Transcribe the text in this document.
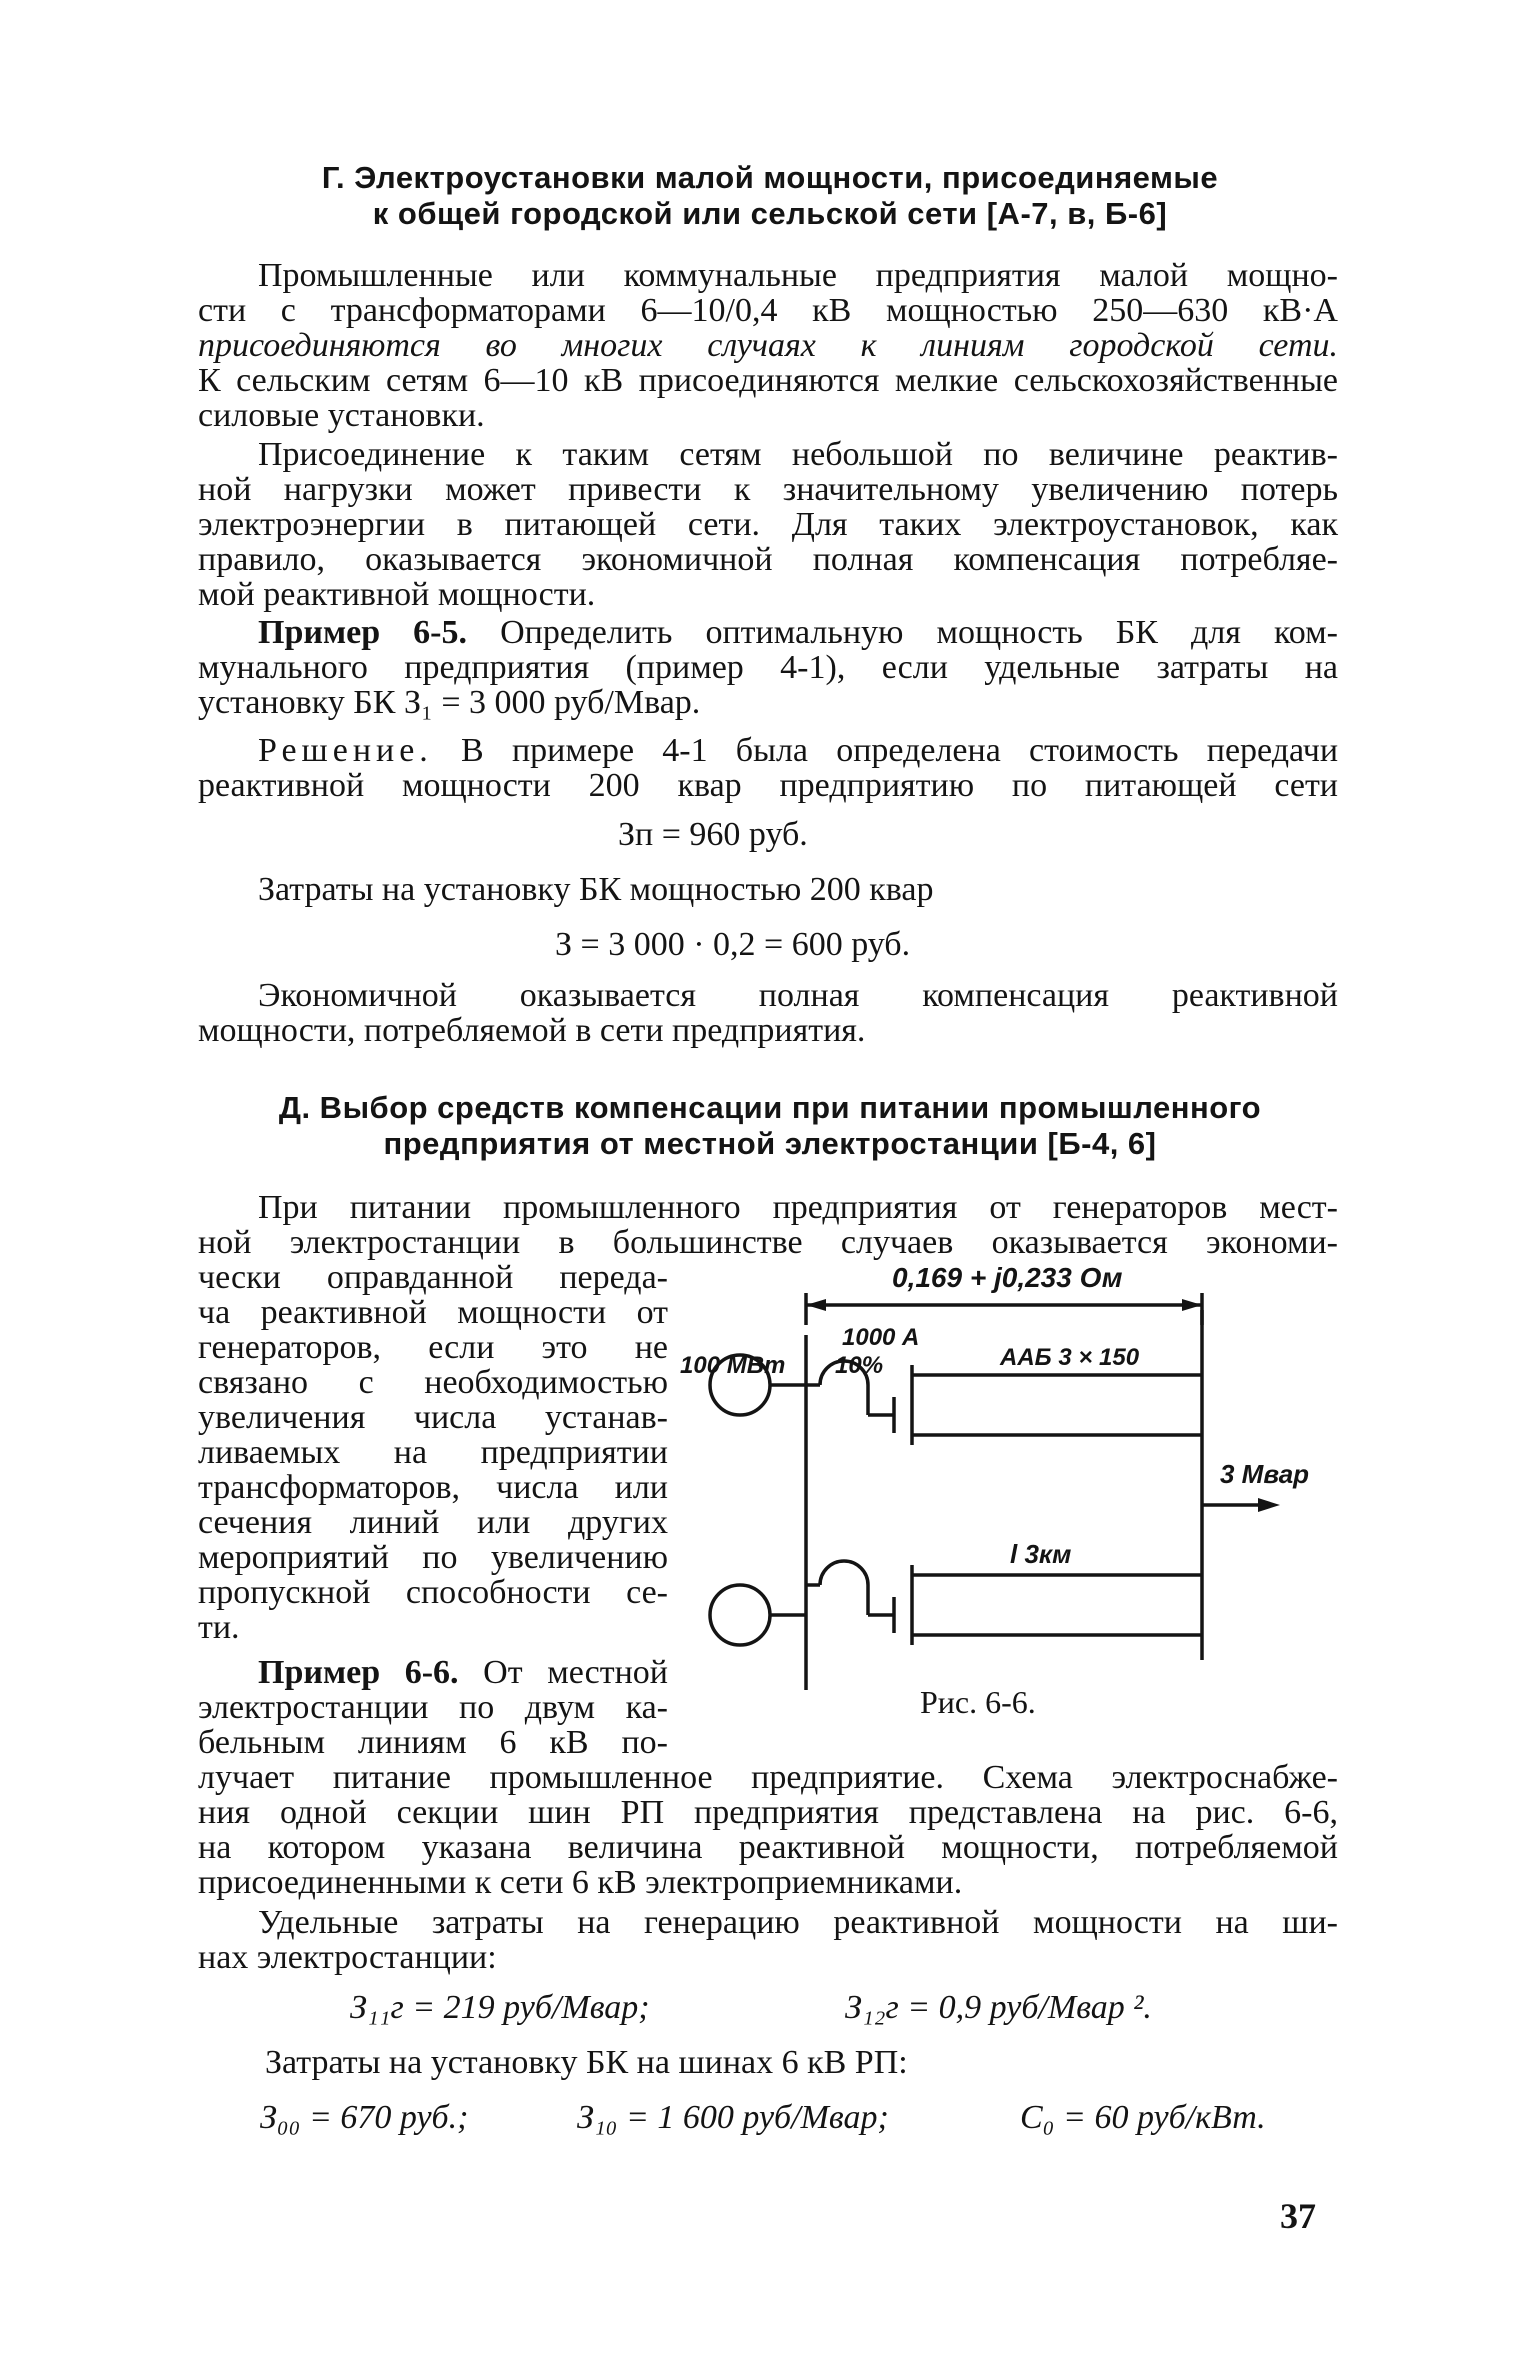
Г. Электроустановки малой мощности, присоединяемые
к общей городской или сельской сети [А-7, в, Б-6]
Промышленные или коммунальные предприятия малой мощно-
сти с трансформаторами 6—10/0,4 кВ мощностью 250—630 кВ·А
присоединяются во многих случаях к линиям городской сети.
К сельским сетям 6—10 кВ присоединяются мелкие сельскохозяйственные
силовые установки.
Присоединение к таким сетям небольшой по величине реактив-
ной нагрузки может привести к значительному увеличению потерь
электроэнергии в питающей сети. Для таких электроустановок, как
правило, оказывается экономичной полная компенсация потребляе-
мой реактивной мощности.
Пример 6-5. Определить оптимальную мощность БК для ком-
мунального предприятия (пример 4-1), если удельные затраты на
установку БК З₁ = 3 000 руб/Мвар.
Решение. В примере 4-1 была определена стоимость передачи
реактивной мощности 200 квар предприятию по питающей сети
Зп = 960 руб.
Затраты на установку БК мощностью 200 квар
З = 3 000 · 0,2 = 600 руб.
Экономичной оказывается полная компенсация реактивной
мощности, потребляемой в сети предприятия.
Д. Выбор средств компенсации при питании промышленного
предприятия от местной электростанции [Б-4, 6]
При питании промышленного предприятия от генераторов мест-
ной электростанции в большинстве случаев оказывается экономи-
чески оправданной переда-
ча реактивной мощности от
генераторов, если это не
связано с необходимостью
увеличения числа устанав-
ливаемых на предприятии
трансформаторов, числа или
сечения линий или других
мероприятий по увеличению
пропускной способности се-
ти.
Пример 6-6. От местной
электростанции по двум ка-
бельным линиям 6 кВ по-
лучает питание промышленное предприятие. Схема электроснабже-
ния одной секции шин РП предприятия представлена на рис. 6-6,
на котором указана величина реактивной мощности, потребляемой
присоединенными к сети 6 кВ электроприемниками.
Удельные затраты на генерацию реактивной мощности на ши-
нах электростанции:
З₁₁г = 219 руб/Мвар;	З₁₂г = 0,9 руб/Мвар ².
Затраты на установку БК на шинах 6 кВ РП:
З₀₀ = 670 руб.;	З₁₀ = 1 600 руб/Мвар;	C₀ = 60 руб/кВт.
0,169 + j0,233 Ом
1000 А
10%
100 МВт	ААБ 3 × 150
3 Мвар
l 3км
Рис. 6-6.
37
